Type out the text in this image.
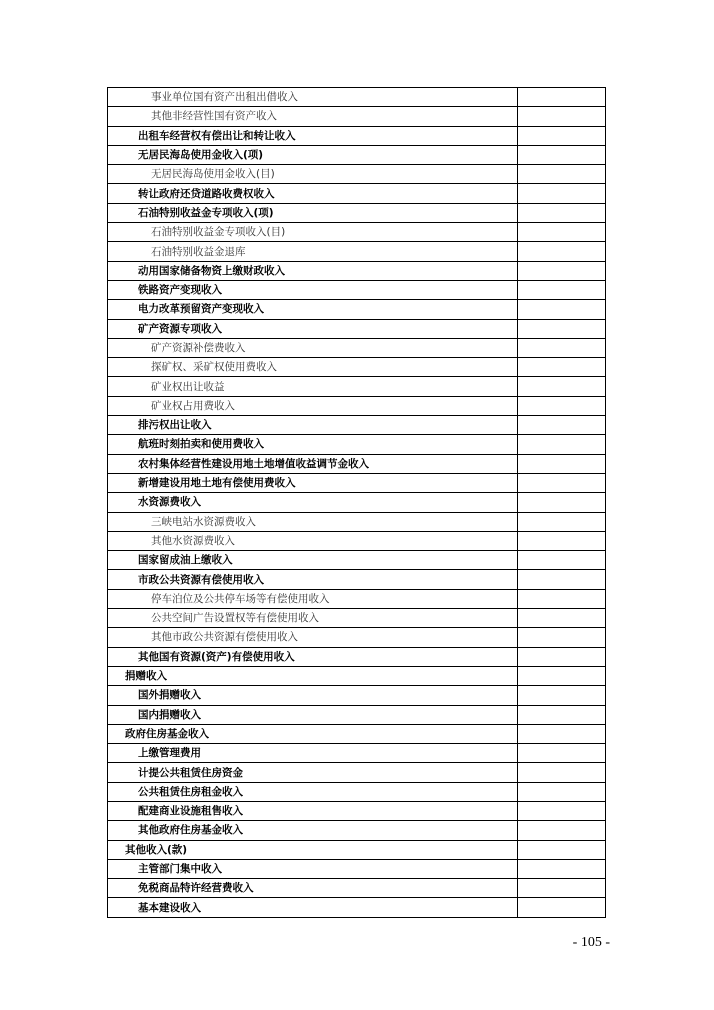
事业单位国有资产出租出借收入	
其他非经营性国有资产收入	
出租车经营权有偿出让和转让收入	
无居民海岛使用金收入(项)	
无居民海岛使用金收入(目)	
转让政府还贷道路收费权收入	
石油特别收益金专项收入(项)	
石油特别收益金专项收入(目)	
石油特别收益金退库	
动用国家储备物资上缴财政收入	
铁路资产变现收入	
电力改革预留资产变现收入	
矿产资源专项收入	
矿产资源补偿费收入	
探矿权、采矿权使用费收入	
矿业权出让收益	
矿业权占用费收入	
排污权出让收入	
航班时刻拍卖和使用费收入	
农村集体经营性建设用地土地增值收益调节金收入	
新增建设用地土地有偿使用费收入	
水资源费收入	
三峡电站水资源费收入	
其他水资源费收入	
国家留成油上缴收入	
市政公共资源有偿使用收入	
停车泊位及公共停车场等有偿使用收入	
公共空间广告设置权等有偿使用收入	
其他市政公共资源有偿使用收入	
其他国有资源(资产)有偿使用收入	
捐赠收入	
国外捐赠收入	
国内捐赠收入	
政府住房基金收入	
上缴管理费用	
计提公共租赁住房资金	
公共租赁住房租金收入	
配建商业设施租售收入	
其他政府住房基金收入	
其他收入(款)	
主管部门集中收入	
免税商品特许经营费收入	
基本建设收入	
- 105 -
